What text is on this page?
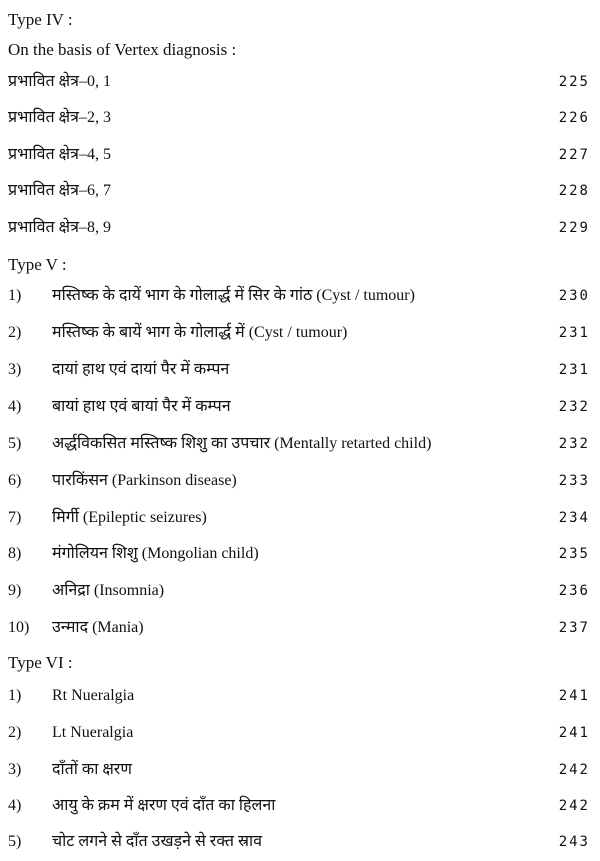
Type IV :
On the basis of Vertex diagnosis :
प्रभावित क्षेत्र–0, 1	225
प्रभावित क्षेत्र–2, 3	226
प्रभावित क्षेत्र–4, 5	227
प्रभावित क्षेत्र–6, 7	228
प्रभावित क्षेत्र–8, 9	229
Type V :
1) मस्तिष्क के दायें भाग के गोलार्द्ध में सिर के गांठ (Cyst / tumour)	230
2) मस्तिष्क के बायें भाग के गोलार्द्ध में (Cyst / tumour)	231
3) दायां हाथ एवं दायां पैर में कम्पन	231
4) बायां हाथ एवं बायां पैर में कम्पन	232
5) अर्द्धविकसित मस्तिष्क शिशु का उपचार (Mentally retarted child)	232
6) पारकिंसन (Parkinson disease)	233
7) मिर्गी (Epileptic seizures)	234
8) मंगोलियन शिशु (Mongolian child)	235
9) अनिद्रा (Insomnia)	236
10) उन्माद (Mania)	237
Type VI :
1) Rt Nueralgia	241
2) Lt Nueralgia	241
3) दाँतों का क्षरण	242
4) आयु के क्रम में क्षरण एवं दाँत का हिलना	242
5) चोट लगने से दाँत उखड़ने से रक्त स्राव	243
